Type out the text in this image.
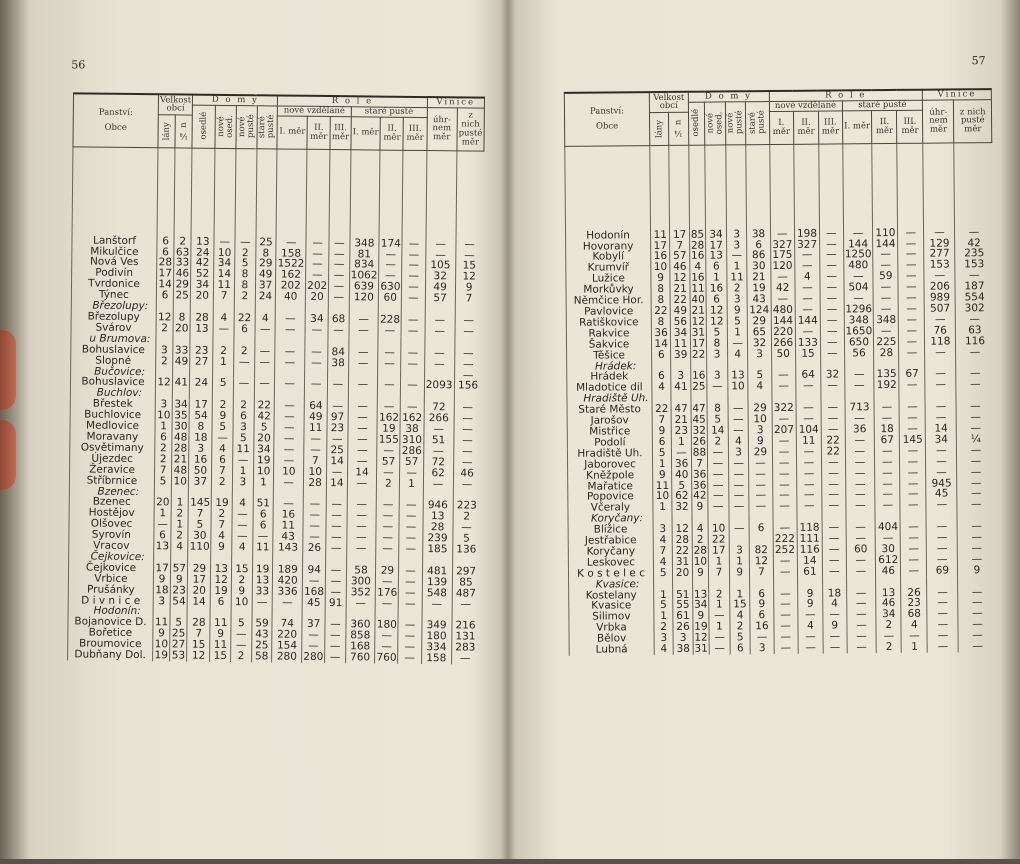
56
Panství:
Obce	Velkost obcí		D o m y				R o l e						Vinice	
			osedlé	nové osed.	nové pusté	staré pusté	nové vzdělané			staré pusté			úhr-nem měr	z nich pusté měr
	lány	¼ n					I. měr	II. měr	III. měr	I. měr	II. měr	III. měr		
Lanštorf	6	2	13	—	—	25	—	—	—	348	174	—	—	—
Mikulčice	6	63	24	10	2	8	158	—	—	81	—	—	—	—
Nová Ves	28	33	42	34	5	29	1522	—	—	834	—	—	105	15
Podivín	17	46	52	14	8	49	162	—	—	1062	—	—	32	12
Tvrdonice	14	29	34	11	8	37	202	202	—	639	630	—	49	9
Týnec	6	25	20	7	2	24	40	20	—	120	60	—	57	7
Březolupy:														
Březolupy	12	8	28	4	22	4	—	34	68	—	228	—	—	—
Svárov	2	20	13	—	6	—	—	—	—	—	—	—	—	—
u Brumova:														
Bohuslavice	3	33	23	2	2	—	—	—	84	—	—	—	—	—
Slopné	2	49	27	1	—	—	—	—	38	—	—	—	—	—
Bučovice:														—
Bohuslavice	12	41	24	5	—	—	—	—	—	—	—	—	2093	156
Buchlov:														
Břestek	3	34	17	2	2	22	—	64	—	—	—	—	72	—
Buchlovice	10	35	54	9	6	42	—	49	97	—	162	162	266	—
Medlovice	1	30	8	5	3	5	—	11	23	—	19	38	—	—
Moravany	6	48	18	—	5	20	—	—	—	—	155	310	51	—
Osvětimany	2	28	3	4	11	34	—	—	25	—	—	286	—	—
Újezdec	2	21	16	6	—	19	—	7	14	—	57	57	72	—
Žeravice	7	48	50	7	1	10	10	10	—	14	—	—	62	46
Stříbrnice	5	10	37	2	3	1	—	28	14	—	2	1	—	—
Bzenec:														
Bzenec	20	1	145	19	4	51	—	—	—	—	—	—	946	223
Hostějov	1	2	7	2	—	6	16	—	—	—	—	—	13	2
Olšovec	—	1	5	7	—	6	11	—	—	—	—	—	28	—
Syrovín	6	2	30	4	—	—	43	—	—	—	—	—	239	5
Vracov	13	4	110	9	4	11	143	26	—	—	—	—	185	136
Čejkovice:														
Čejkovice	17	57	29	13	15	19	189	94	—	58	29	—	481	297
Vrbice	9	9	17	12	2	13	420	—	—	300	—	—	139	85
Prušánky	18	23	20	19	9	33	336	168	—	352	176	—	548	487
D i v n i c e	3	54	14	6	10	—	—	45	91	—	—	—	—	—
Hodonín:														
Bojanovice D.	11	5	28	11	5	59	74	37	—	360	180	—	349	216
Bořetice	9	25	7	9	—	43	220	—	—	858	—	—	180	131
Broumovice	10	27	15	11	—	25	154	—	—	168	—	—	334	283
Dubňany Dol.	19	53	12	15	2	58	280	280	—	760	760	—	158	—
57
Panství:
Obce	Velkost obcí		D o m y				R o l e						Vinice	
			osedlé	nové osed.	nové pusté	staré pusté	nové vzdělané			staré pusté			úhr-nem měr	z nich pusté měr
	lány	¼ n					I. měr	II. měr	III. měr	I. měr	II. měr	III. měr		
Hodonín	11	17	85	34	3	38	—	198	—	—	110	—	—	—
Hovorany	17	7	28	17	3	6	327	327	—	144	144	—	129	42
Kobylí	16	57	16	13	—	86	175	—	—	1250	—	—	277	235
Krumvíř	10	46	4	6	1	30	120	—	—	480	—	—	153	153
Lužice	9	12	16	1	11	21	—	4	—	—	59	—	—	—
Morkůvky	8	21	11	16	2	19	42	—	—	504	—	—	206	187
Němčice Hor.	8	22	40	6	3	43	—	—	—	—	—	—	989	554
Pavlovice	22	49	21	12	9	124	480	—	—	1296	—	—	507	302
Ratiškovice	8	56	12	12	5	29	144	144	—	348	348	—	—	—
Rakvice	36	34	31	5	1	65	220	—	—	1650	—	—	76	63
Šakvice	14	11	17	8	—	32	266	133	—	650	225	—	118	116
Těšice	6	39	22	3	4	3	50	15	—	56	28	—	—	—
Hrádek:														
Hrádek	6	3	16	3	13	5	—	64	32	—	135	67	—	—
Mladotice dil	4	41	25	—	10	4	—	—	—	—	192	—	—	—
Hradiště Uh.														
Staré Město	22	47	47	8	—	29	322	—	—	713	—	—	—	—
Jarošov	7	21	45	5	—	10	—	—	—	—	—	—	—	—
Mistřice	9	23	32	14	—	3	207	104	—	36	18	—	14	—
Podolí	6	1	26	2	4	9	—	11	22	—	67	145	34	¼
Hradiště Uh.	5	—	88	—	3	29	—	—	22	—	—	—	—	—
Jaborovec	1	36	7	—	—	—	—	—	—	—	—	—	—	—
Kněžpole	9	40	36	—	—	—	—	—	—	—	—	—	—	—
Mařatice	11	5	36	—	—	—	—	—	—	—	—	—	945	—
Popovice	10	62	42	—	—	—	—	—	—	—	—	—	45	—
Včeraly	1	32	9	—	—	—	—	—	—	—	—	—	—	—
Koryčany:														
Blížice	3	12	4	10	—	6	—	118	—	—	404	—	—	—
Jestřabice	4	28	2	22			222	111	—	—	—	—	—	—
Koryčany	7	22	28	17	3	82	252	116	—	60	30	—	—	—
Leskovec	4	31	10	1	1	12	—	14	—	—	612	—	—	—
K o s t e l e c	5	20	9	7	9	7	—	61	—	—	46	—	69	9
Kvasice:														
Kostelany	1	51	13	2	1	6	—	9	18	—	13	26	—	—
Kvasice	5	55	34	1	15	9	—	9	4	—	46	23	—	—
Silimov	1	61	9	—	4	6	—	—	—	—	34	68	—	—
Vrbka	2	26	19	1	2	16	—	4	9	—	2	4	—	—
Bělov	3	3	12	—	5	—	—	—	—	—	—	—	—	—
Lubná	4	38	31	—	6	3	—	—	—	—	2	1	—	—
